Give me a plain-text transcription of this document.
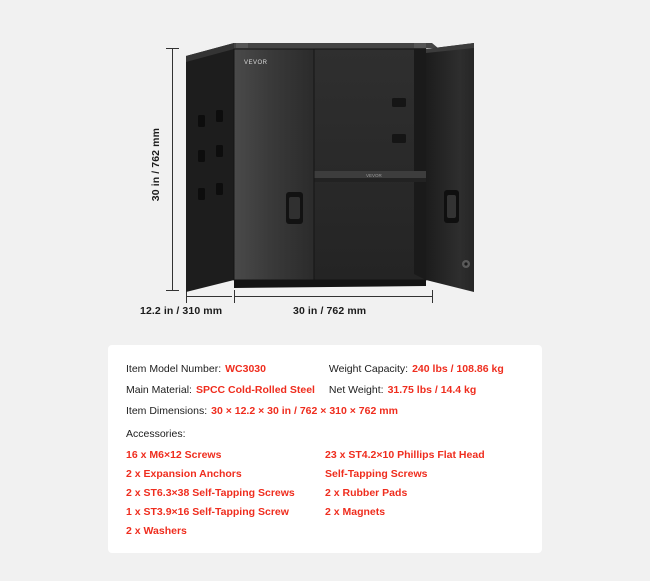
30 in / 762 mm
12.2 in / 310 mm	30 in / 762 mm
VEVOR
VEVOR
Item Model Number: WC3030	Weight Capacity: 240 lbs / 108.86 kg
Main Material: SPCC Cold-Rolled Steel Net Weight: 31.75 lbs / 14.4 kg
Item Dimensions: 30 × 12.2 × 30 in / 762 × 310 × 762 mm
Accessories:
16 x M6×12 Screws
2 x Expansion Anchors
2 x ST6.3×38 Self-Tapping Screws
1 x ST3.9×16 Self-Tapping Screw
2 x Washers
23 x ST4.2×10 Phillips Flat Head
Self-Tapping Screws
2 x Rubber Pads
2 x Magnets
